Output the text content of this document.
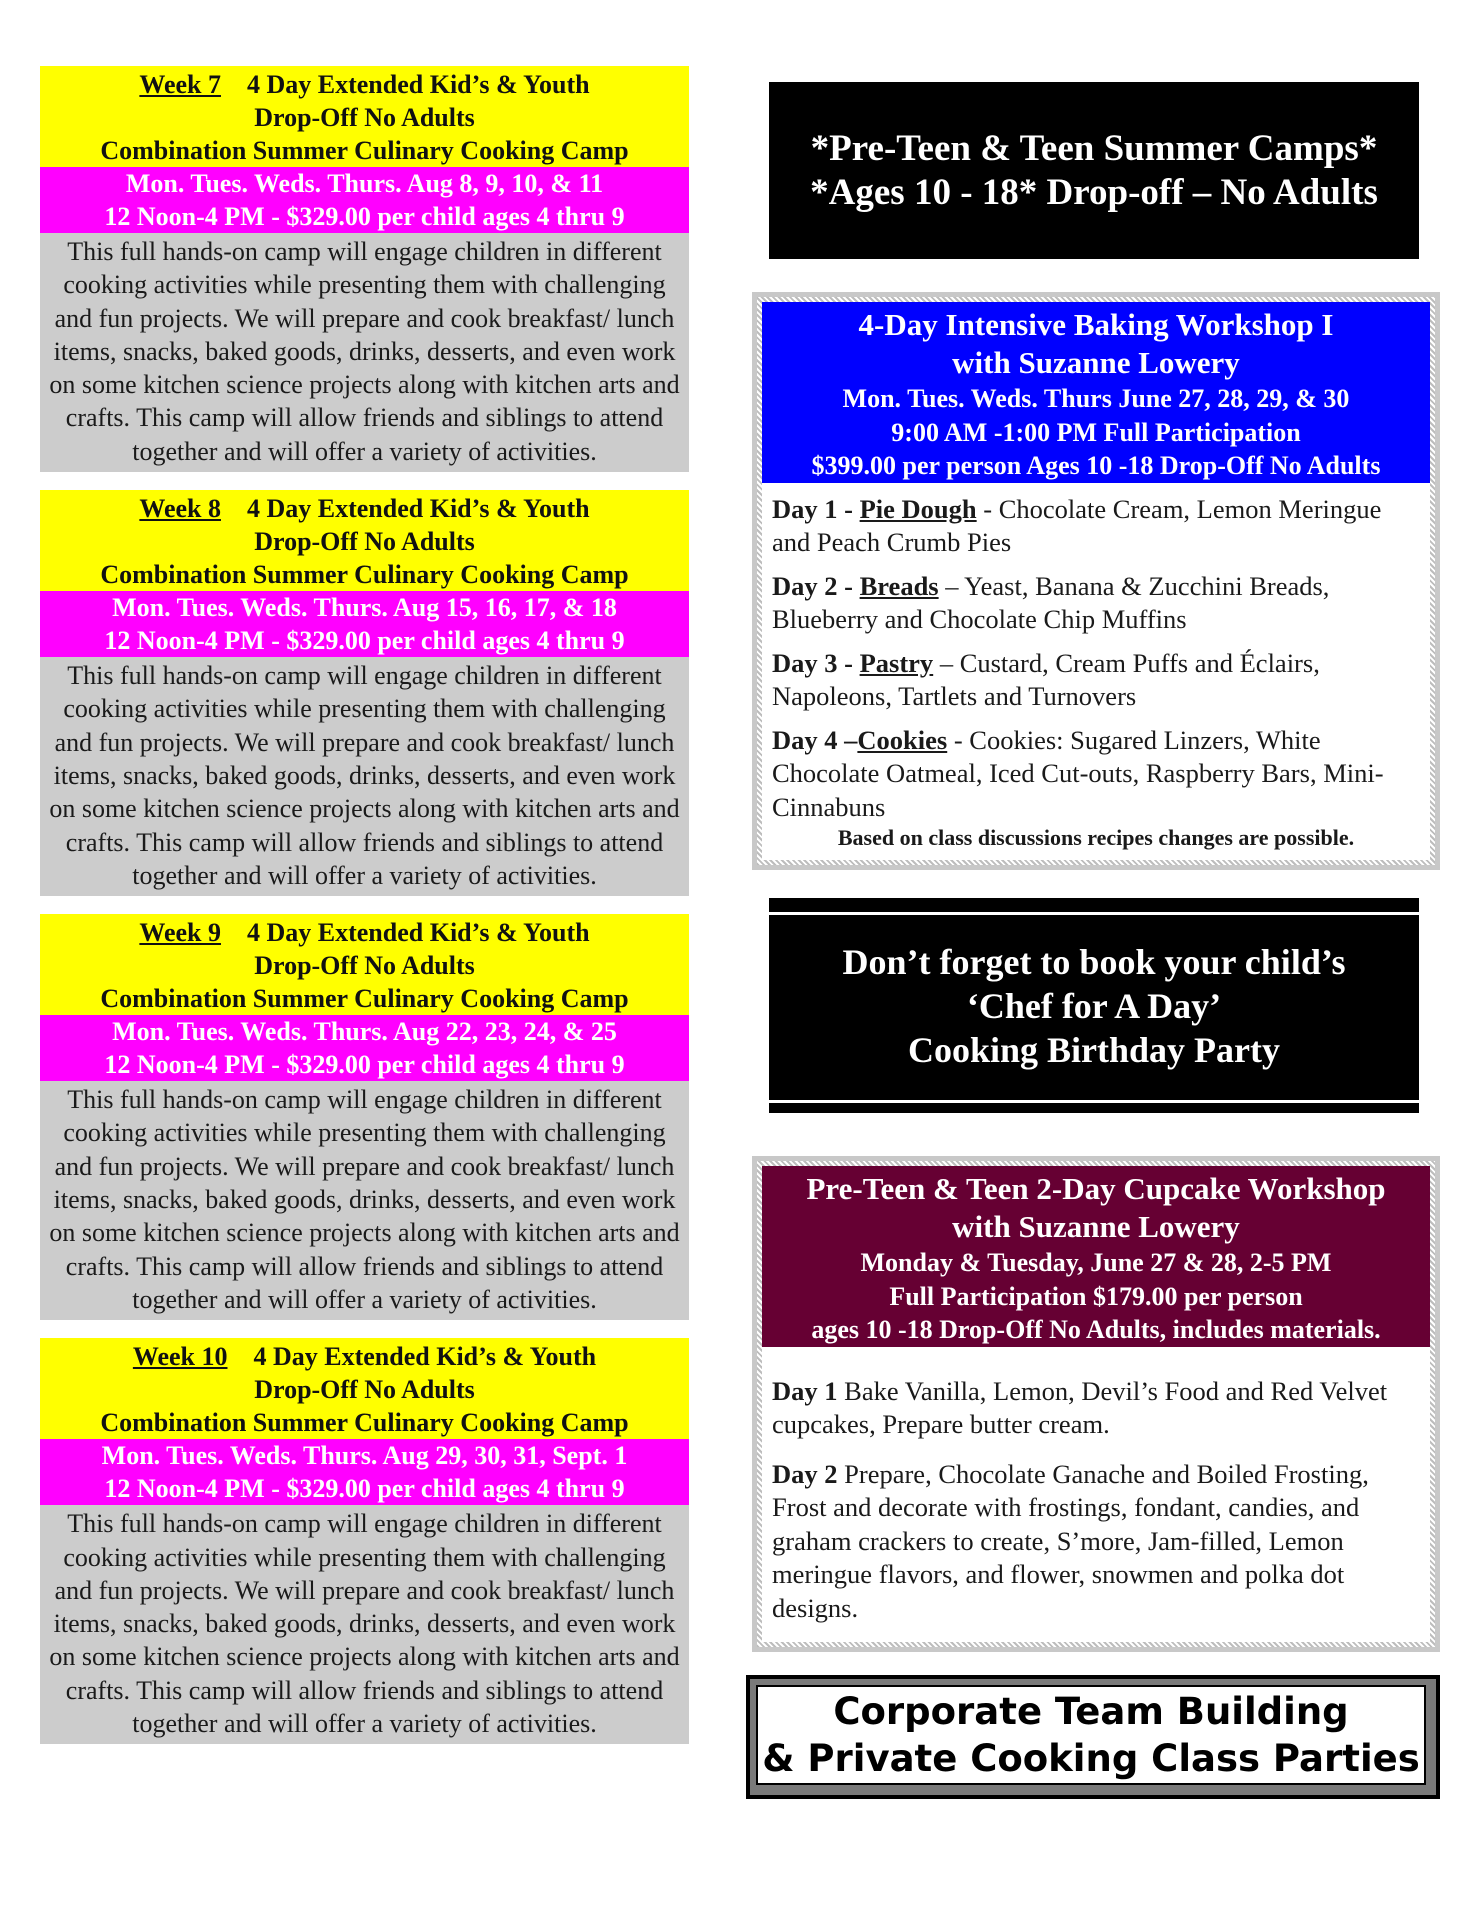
Week 7 4 Day Extended Kid’s & Youth
Drop-Off No Adults
Combination Summer Culinary Cooking Camp
Mon. Tues. Weds. Thurs. Aug 8, 9, 10, & 11
12 Noon-4 PM - $329.00 per child ages 4 thru 9
This full hands-on camp will engage children in different cooking activities while presenting them with challenging and fun projects. We will prepare and cook breakfast/ lunch items, snacks, baked goods, drinks, desserts, and even work on some kitchen science projects along with kitchen arts and crafts. This camp will allow friends and siblings to attend together and will offer a variety of activities.
Week 8 4 Day Extended Kid’s & Youth
Drop-Off No Adults
Combination Summer Culinary Cooking Camp
Mon. Tues. Weds. Thurs. Aug 15, 16, 17, & 18
12 Noon-4 PM - $329.00 per child ages 4 thru 9
This full hands-on camp will engage children in different cooking activities while presenting them with challenging and fun projects. We will prepare and cook breakfast/ lunch items, snacks, baked goods, drinks, desserts, and even work on some kitchen science projects along with kitchen arts and crafts. This camp will allow friends and siblings to attend together and will offer a variety of activities.
Week 9 4 Day Extended Kid’s & Youth
Drop-Off No Adults
Combination Summer Culinary Cooking Camp
Mon. Tues. Weds. Thurs. Aug 22, 23, 24, & 25
12 Noon-4 PM - $329.00 per child ages 4 thru 9
This full hands-on camp will engage children in different cooking activities while presenting them with challenging and fun projects. We will prepare and cook breakfast/ lunch items, snacks, baked goods, drinks, desserts, and even work on some kitchen science projects along with kitchen arts and crafts. This camp will allow friends and siblings to attend together and will offer a variety of activities.
Week 10 4 Day Extended Kid’s & Youth
Drop-Off No Adults
Combination Summer Culinary Cooking Camp
Mon. Tues. Weds. Thurs. Aug 29, 30, 31, Sept. 1
12 Noon-4 PM - $329.00 per child ages 4 thru 9
This full hands-on camp will engage children in different cooking activities while presenting them with challenging and fun projects. We will prepare and cook breakfast/ lunch items, snacks, baked goods, drinks, desserts, and even work on some kitchen science projects along with kitchen arts and crafts. This camp will allow friends and siblings to attend together and will offer a variety of activities.
*Pre-Teen & Teen Summer Camps*
*Ages 10 - 18* Drop-off – No Adults
4-Day Intensive Baking Workshop I
with Suzanne Lowery
Mon. Tues. Weds. Thurs June 27, 28, 29, & 30
9:00 AM -1:00 PM Full Participation
$399.00 per person Ages 10 -18 Drop-Off No Adults
Day 1 - Pie Dough - Chocolate Cream, Lemon Meringue and Peach Crumb Pies
Day 2 - Breads – Yeast, Banana & Zucchini Breads, Blueberry and Chocolate Chip Muffins
Day 3 - Pastry – Custard, Cream Puffs and Éclairs, Napoleons, Tartlets and Turnovers
Day 4 –Cookies - Cookies: Sugared Linzers, White Chocolate Oatmeal, Iced Cut-outs, Raspberry Bars, Mini-Cinnabuns
Based on class discussions recipes changes are possible.
Don’t forget to book your child’s
‘Chef for A Day’
Cooking Birthday Party
Pre-Teen & Teen 2-Day Cupcake Workshop
with Suzanne Lowery
Monday & Tuesday, June 27 & 28, 2-5 PM
Full Participation $179.00 per person
ages 10 -18 Drop-Off No Adults, includes materials.
Day 1 Bake Vanilla, Lemon, Devil’s Food and Red Velvet cupcakes, Prepare butter cream.
Day 2 Prepare, Chocolate Ganache and Boiled Frosting, Frost and decorate with frostings, fondant, candies, and graham crackers to create, S’more, Jam-filled, Lemon meringue flavors, and flower, snowmen and polka dot designs.
Corporate Team Building
& Private Cooking Class Parties
